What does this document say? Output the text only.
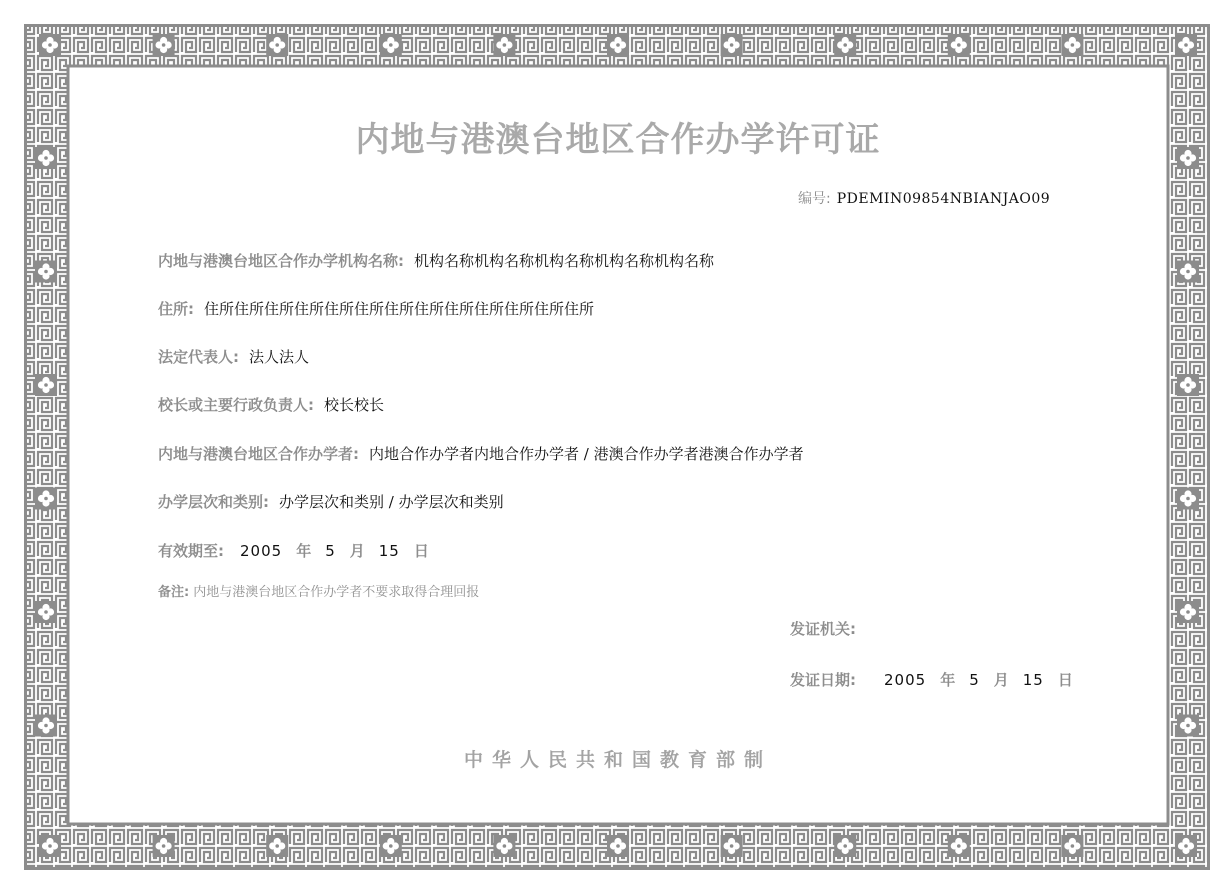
内地与港澳台地区合作办学许可证
编号: PDEMIN09854NBIANJAO09
内地与港澳台地区合作办学机构名称: 机构名称机构名称机构名称机构名称机构名称
住所: 住所住所住所住所住所住所住所住所住所住所住所住所住所
法定代表人: 法人法人
校长或主要行政负责人: 校长校长
内地与港澳台地区合作办学者: 内地合作办学者内地合作办学者 / 港澳合作办学者港澳合作办学者
办学层次和类别: 办学层次和类别 / 办学层次和类别
有效期至: 2005 年 5 月 15 日
备注: 内地与港澳台地区合作办学者不要求取得合理回报
发证机关:
发证日期: 2005 年 5 月 15 日
中华人民共和国教育部制
